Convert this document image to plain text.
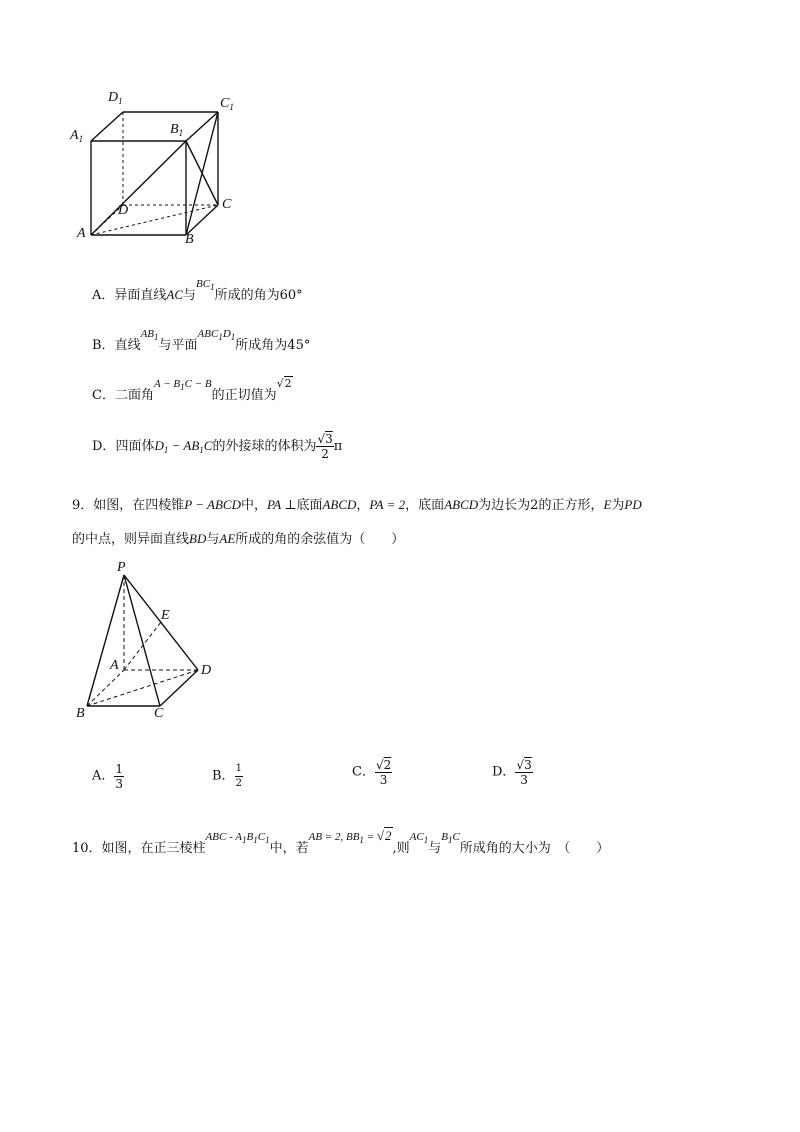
$D_1$	$C_1$
$A_1$
$B_1$
D	C
A	B
A．异面直线AC与$^{BC_1}$所成的角为60°
B．直线$^{AB_1}$与平面$^{ABC_1D_1}$所成角为45°
C．二面角$^{A - B_1C - B}$的正切值为√2
D．四面体$D_1 - AB_1C$的外接球的体积为 $\frac{√3}{2}$ π
9．如图，在四棱锥P − ABCD中，PA ⊥底面ABCD，PA = 2，底面ABCD为边长为2的正方形，E为PD
的中点，则异面直线BD与AE所成的角的余弦值为（　　）
P
E
A	D
B	C
A． $\frac{1}{3}$	B． $\frac{1}{2}$	C． $\frac{√2}{3}$	D． $\frac{√3}{3}$
10．如图，在正三棱柱$^{ABC - A_1B_1C_1}$中，若$^{AB = 2, BB_1 = √2}$,则$^{AC_1}$与$^{B_1C}$所成角的大小为　（　　）
